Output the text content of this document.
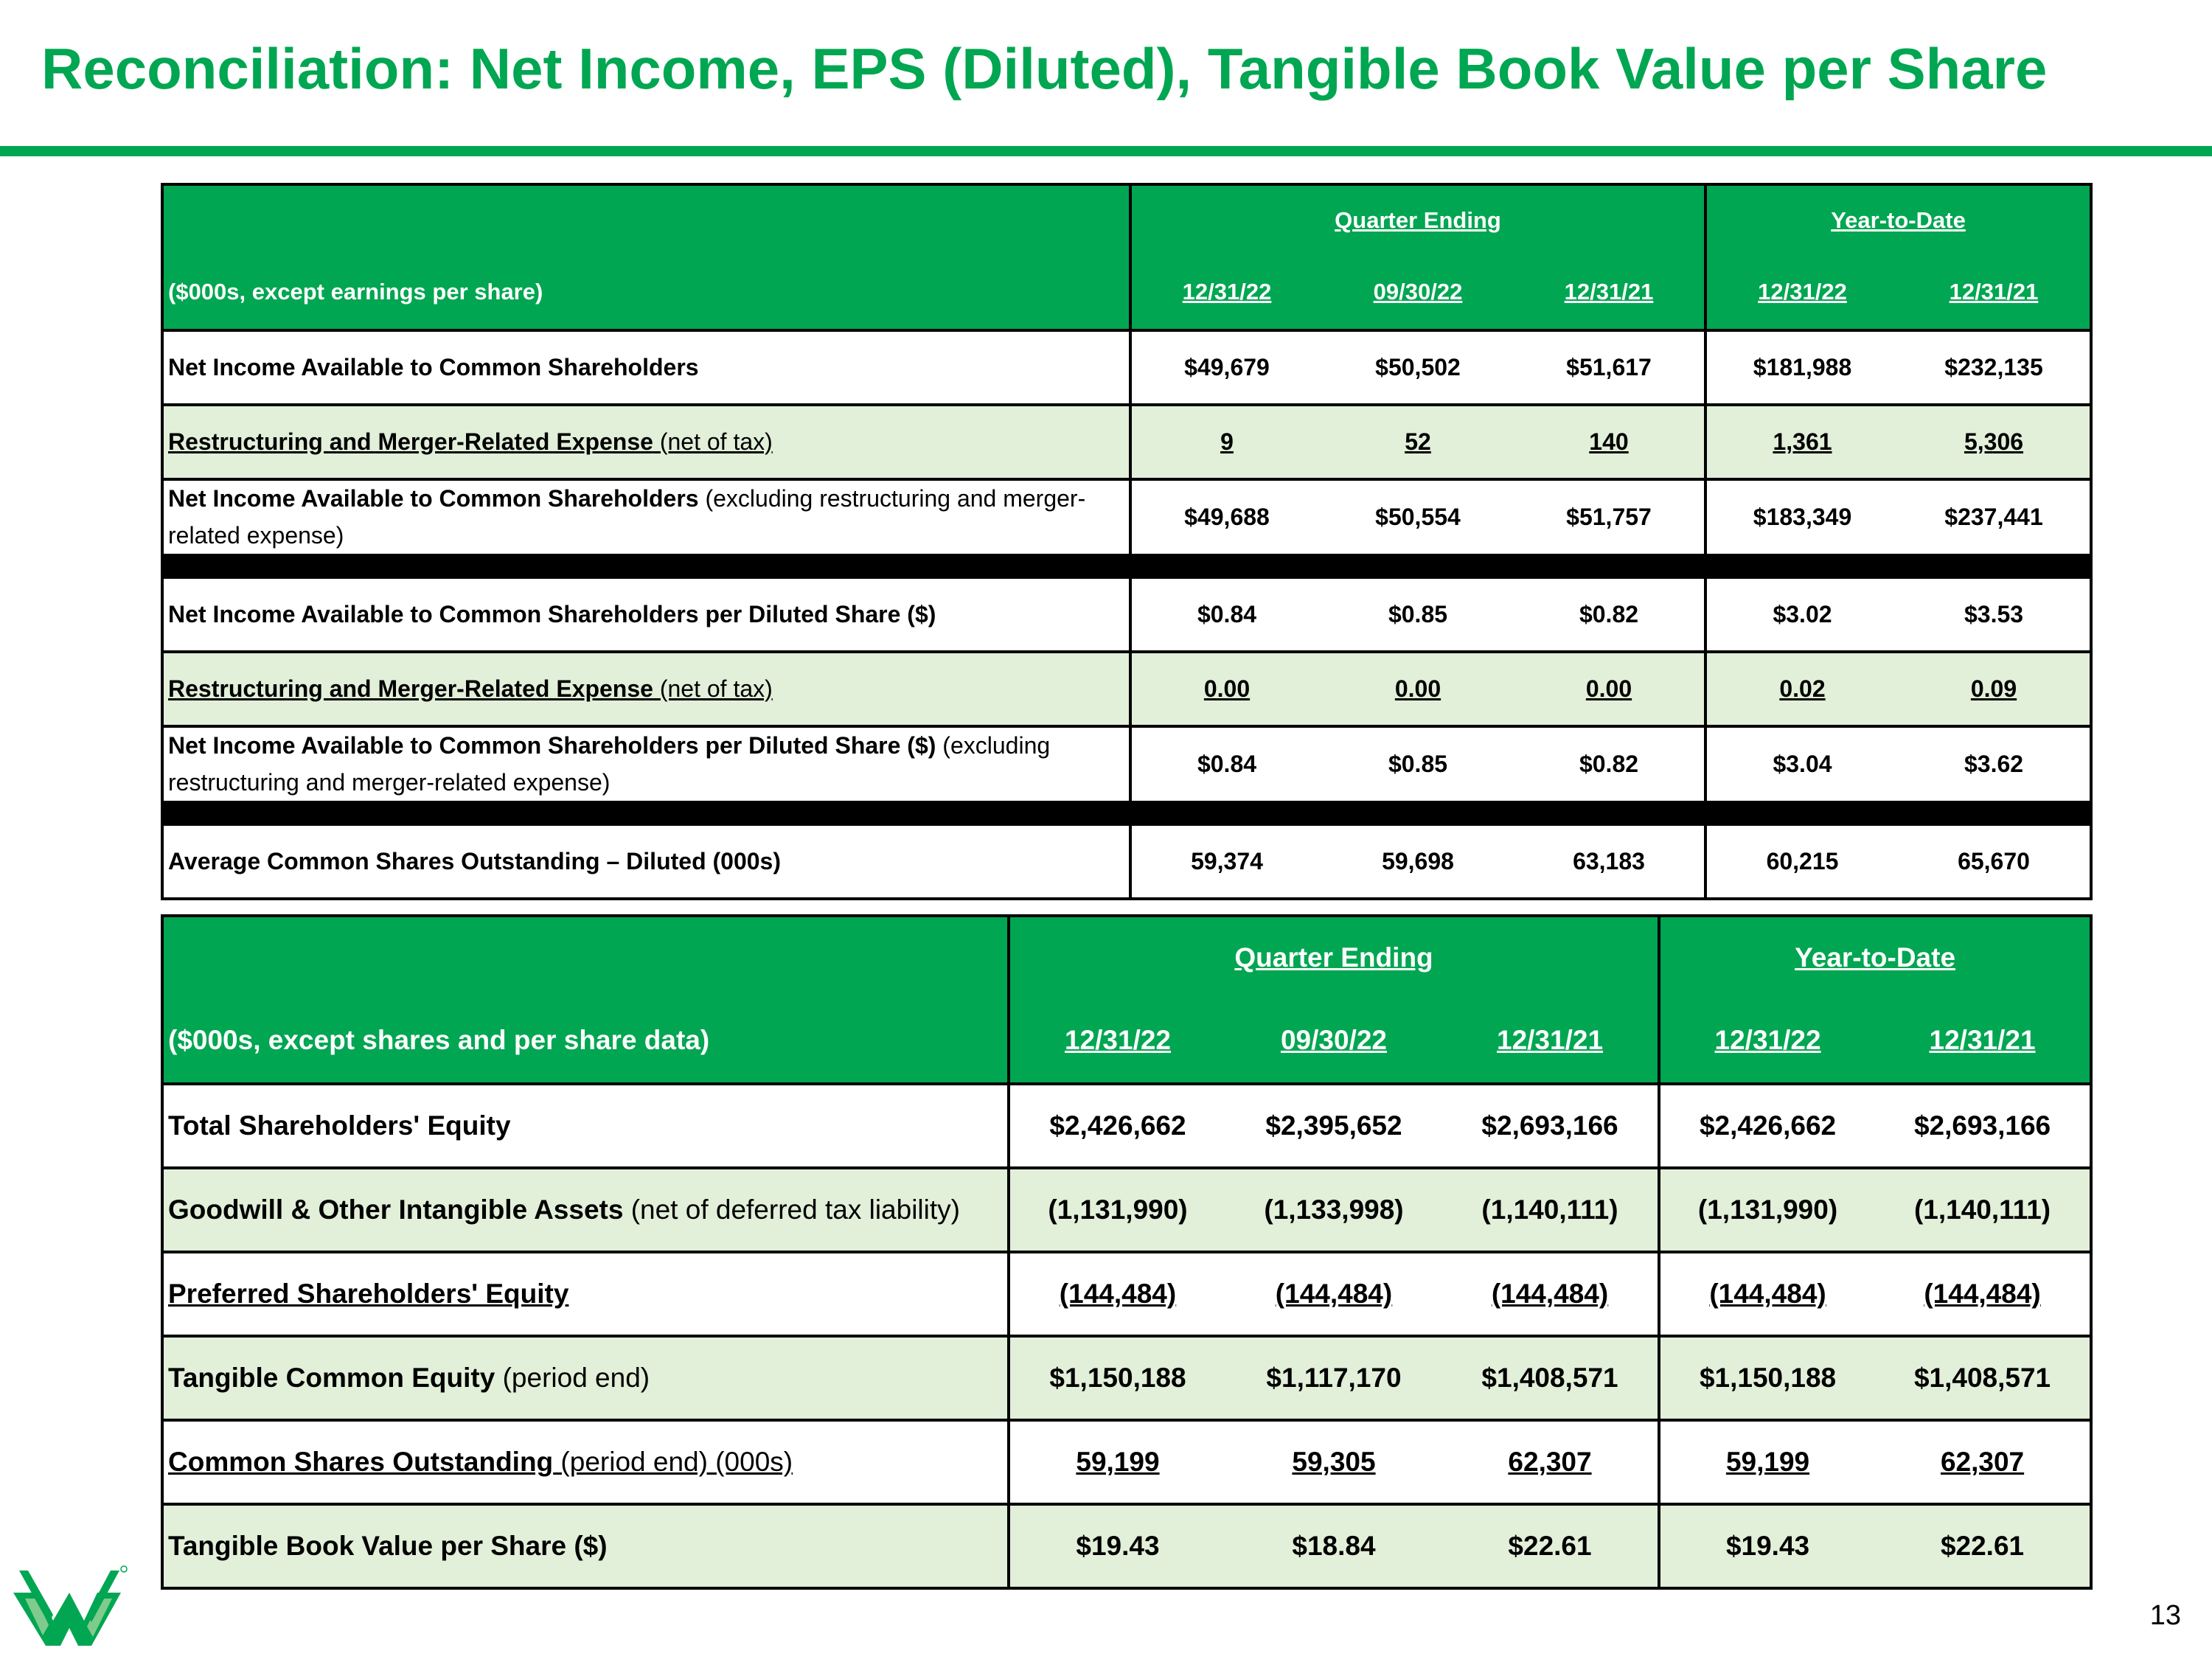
Reconciliation: Net Income, EPS (Diluted), Tangible Book Value per Share
	Quarter Ending			Year-to-Date	
($000s, except earnings per share)	12/31/22	09/30/22	12/31/21	12/31/22	12/31/21
Net Income Available to Common Shareholders	$49,679	$50,502	$51,617	$181,988	$232,135
Restructuring and Merger-Related Expense (net of tax)	9	52	140	1,361	5,306
Net Income Available to Common Shareholders (excluding restructuring and merger-related expense)	$49,688	$50,554	$51,757	$183,349	$237,441

Net Income Available to Common Shareholders per Diluted Share ($)	$0.84	$0.85	$0.82	$3.02	$3.53
Restructuring and Merger-Related Expense (net of tax)	0.00	0.00	0.00	0.02	0.09
Net Income Available to Common Shareholders per Diluted Share ($) (excluding restructuring and merger-related expense)	$0.84	$0.85	$0.82	$3.04	$3.62

Average Common Shares Outstanding – Diluted (000s)	59,374	59,698	63,183	60,215	65,670
	Quarter Ending			Year-to-Date	
($000s, except shares and per share data)	12/31/22	09/30/22	12/31/21	12/31/22	12/31/21
Total Shareholders' Equity	$2,426,662	$2,395,652	$2,693,166	$2,426,662	$2,693,166
Goodwill & Other Intangible Assets (net of deferred tax liability)	(1,131,990)	(1,133,998)	(1,140,111)	(1,131,990)	(1,140,111)
Preferred Shareholders' Equity	(144,484)	(144,484)	(144,484)	(144,484)	(144,484)
Tangible Common Equity (period end)	$1,150,188	$1,117,170	$1,408,571	$1,150,188	$1,408,571
Common Shares Outstanding (period end) (000s)	59,199	59,305	62,307	59,199	62,307
Tangible Book Value per Share ($)	$19.43	$18.84	$22.61	$19.43	$22.61
13
